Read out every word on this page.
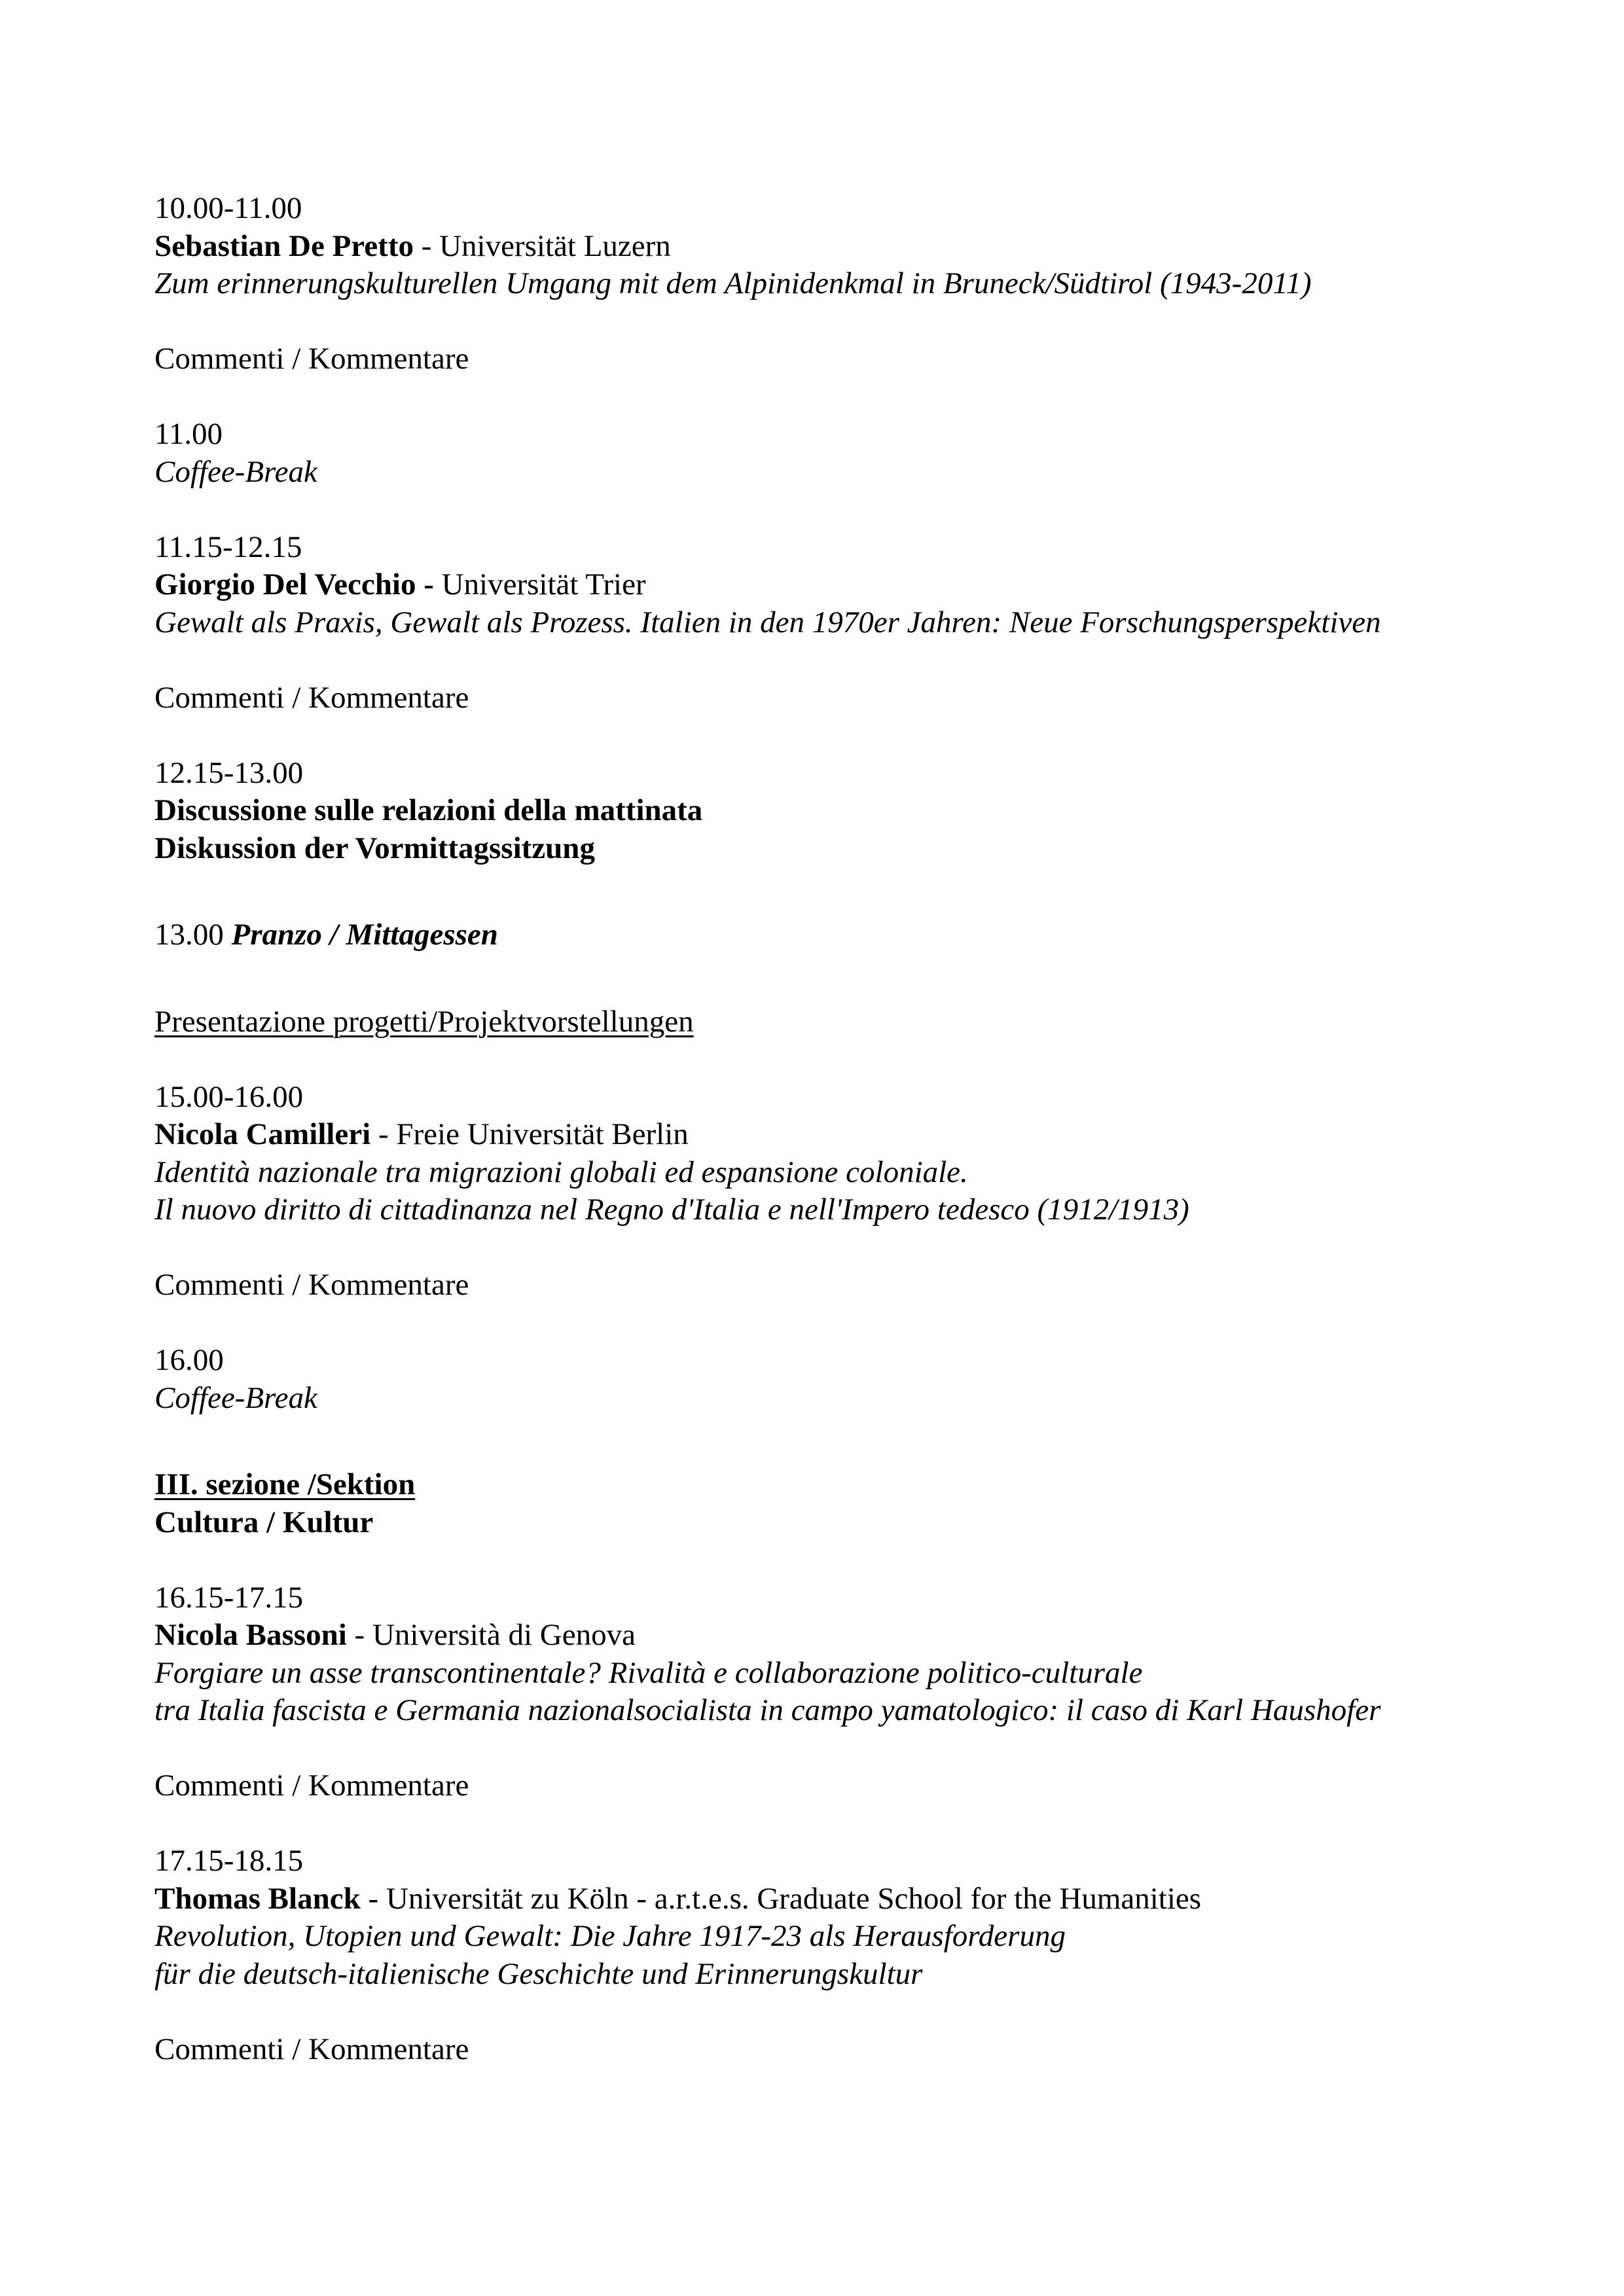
10.00-11.00
Sebastian De Pretto - Universität Luzern
Zum erinnerungskulturellen Umgang mit dem Alpinidenkmal in Bruneck/Südtirol (1943-2011)
Commenti / Kommentare
11.00
Coffee-Break
11.15-12.15
Giorgio Del Vecchio - Universität Trier
Gewalt als Praxis, Gewalt als Prozess. Italien in den 1970er Jahren: Neue Forschungsperspektiven
Commenti / Kommentare
12.15-13.00
Discussione sulle relazioni della mattinata
Diskussion der Vormittagssitzung
13.00 Pranzo / Mittagessen
Presentazione progetti/Projektvorstellungen
15.00-16.00
Nicola Camilleri - Freie Universität Berlin
Identità nazionale tra migrazioni globali ed espansione coloniale.
Il nuovo diritto di cittadinanza nel Regno d'Italia e nell'Impero tedesco (1912/1913)
Commenti / Kommentare
16.00
Coffee-Break
III. sezione /Sektion
Cultura / Kultur
16.15-17.15
Nicola Bassoni - Università di Genova
Forgiare un asse transcontinentale? Rivalità e collaborazione politico-culturale
tra Italia fascista e Germania nazionalsocialista in campo yamatologico: il caso di Karl Haushofer
Commenti / Kommentare
17.15-18.15
Thomas Blanck - Universität zu Köln - a.r.t.e.s. Graduate School for the Humanities
Revolution, Utopien und Gewalt: Die Jahre 1917-23 als Herausforderung
für die deutsch-italienische Geschichte und Erinnerungskultur
Commenti / Kommentare
